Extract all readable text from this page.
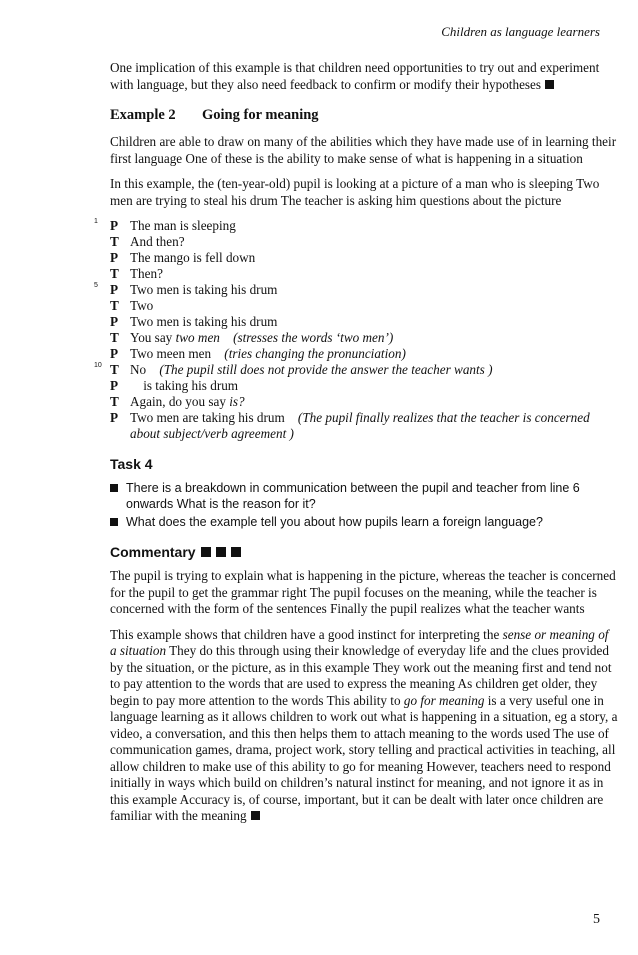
Children as language learners

One implication of this example is that children need opportunities to try out and experiment with language, but they also need feedback to confirm or modify their hypotheses

Example 2 Going for meaning

Children are able to draw on many of the abilities which they have made use of in learning their first language One of these is the ability to make sense of what is happening in a situation

In this example, the (ten-year-old) pupil is looking at a picture of a man who is sleeping Two men are trying to steal his drum The teacher is asking him questions about the picture

1 P The man is sleeping
T And then?
P The mango is fell down
T Then?
5 P Two men is taking his drum
T Two
P Two men is taking his drum
T You say two men (stresses the words ‘two men’)
P Two meen men (tries changing the pronunciation)
10 T No (The pupil still does not provide the answer the teacher wants )
P is taking his drum
T Again, do you say is?
P Two men are taking his drum (The pupil finally realizes that the teacher is concerned about subject/verb agreement )
Task 4
There is a breakdown in communication between the pupil and teacher from line 6 onwards What is the reason for it?
What does the example tell you about how pupils learn a foreign language?
Commentary

The pupil is trying to explain what is happening in the picture, whereas the teacher is concerned for the pupil to get the grammar right The pupil focuses on the meaning, while the teacher is concerned with the form of the sentences Finally the pupil realizes what the teacher wants

This example shows that children have a good instinct for interpreting the sense or meaning of a situation They do this through using their knowledge of everyday life and the clues provided by the situation, or the picture, as in this example They work out the meaning first and tend not to pay attention to the words that are used to express the meaning As children get older, they begin to pay more attention to the words This ability to go for meaning is a very useful one in language learning as it allows children to work out what is happening in a situation, eg a story, a video, a conversation, and this then helps them to attach meaning to the words used The use of communication games, drama, project work, story telling and practical activities in teaching, all allow children to make use of this ability to go for meaning However, teachers need to respond initially in ways which build on children’s natural instinct for meaning, and not ignore it as in this example Accuracy is, of course, important, but it can be dealt with later once children are familiar with the meaning

5
